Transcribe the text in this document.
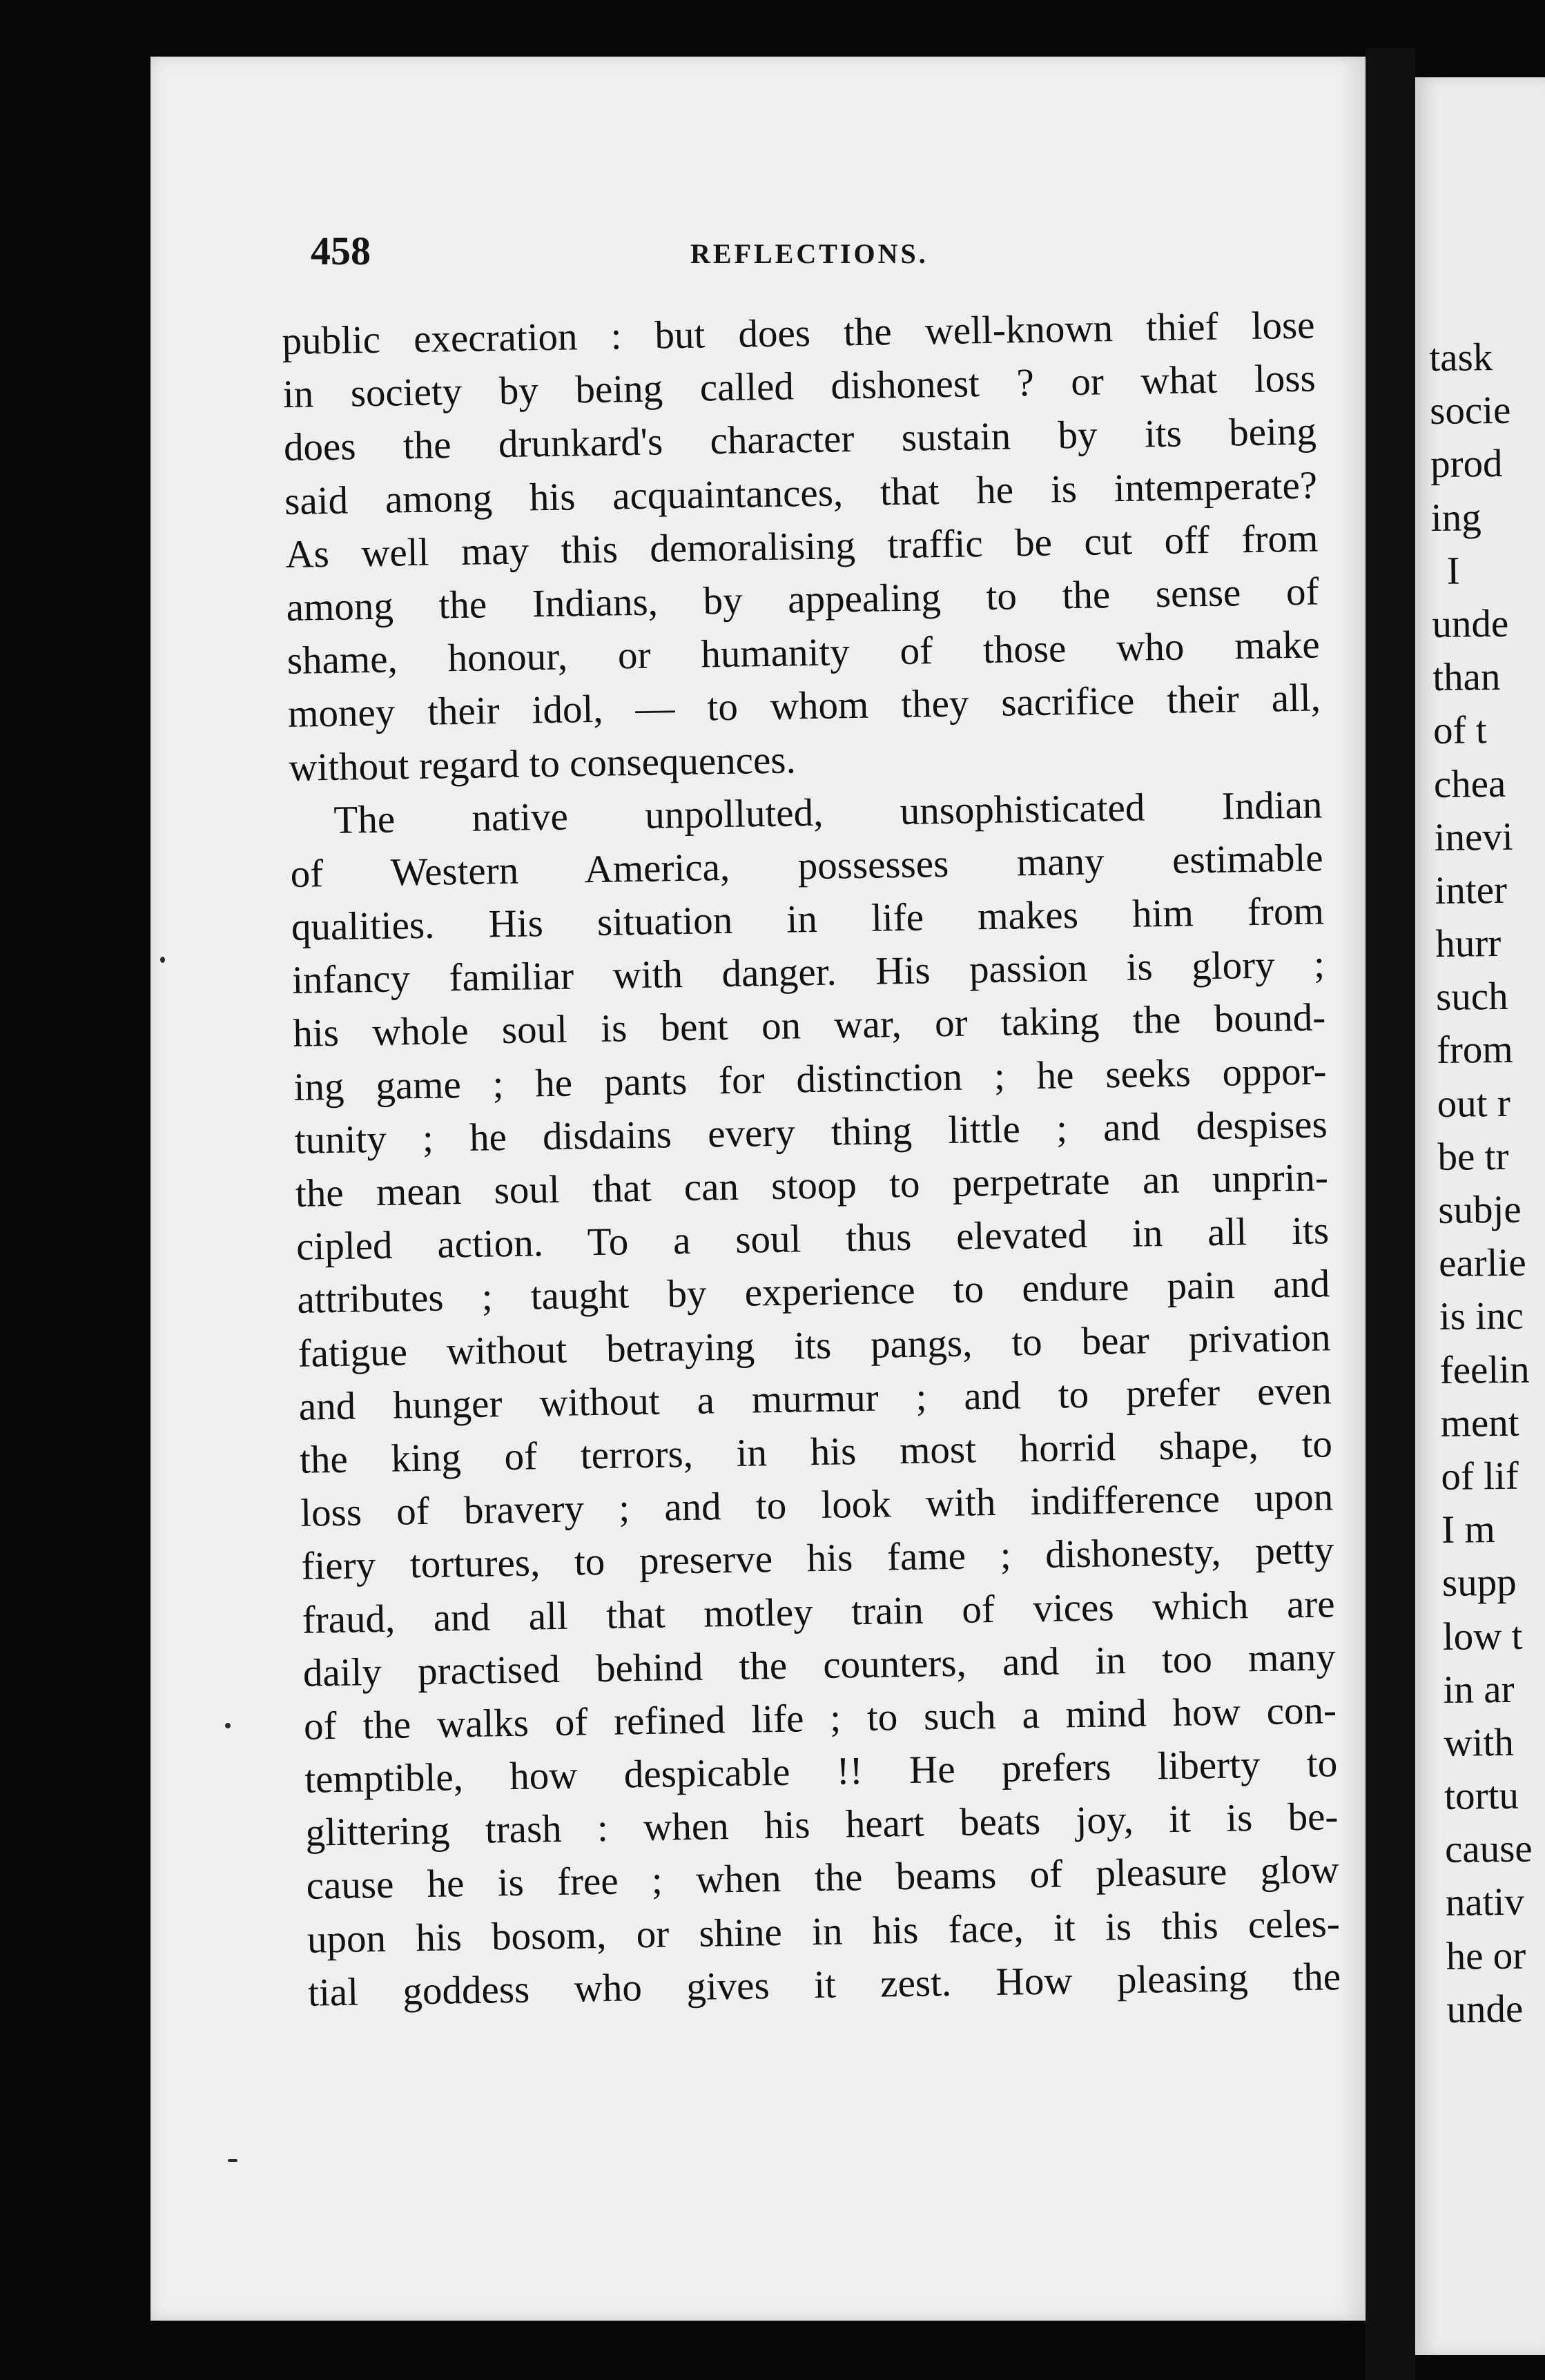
458	REFLECTIONS.
public execration : but does the well-known thief lose
in society by being called dishonest ? or what loss
does the drunkard's character sustain by its being
said among his acquaintances, that he is intemperate?
As well may this demoralising traffic be cut off from
among the Indians, by appealing to the sense of
shame, honour, or humanity of those who make
money their idol, — to whom they sacrifice their all,
without regard to consequences.
The native unpolluted, unsophisticated Indian
of Western America, possesses many estimable
qualities. His situation in life makes him from
infancy familiar with danger. His passion is glory ;
his whole soul is bent on war, or taking the bound-
ing game ; he pants for distinction ; he seeks oppor-
tunity ; he disdains every thing little ; and despises
the mean soul that can stoop to perpetrate an unprin-
cipled action. To a soul thus elevated in all its
attributes ; taught by experience to endure pain and
fatigue without betraying its pangs, to bear privation
and hunger without a murmur ; and to prefer even
the king of terrors, in his most horrid shape, to
loss of bravery ; and to look with indifference upon
fiery tortures, to preserve his fame ; dishonesty, petty
fraud, and all that motley train of vices which are
daily practised behind the counters, and in too many
of the walks of refined life ; to such a mind how con-
temptible, how despicable !! He prefers liberty to
glittering trash : when his heart beats joy, it is be-
cause he is free ; when the beams of pleasure glow
upon his bosom, or shine in his face, it is this celes-
tial goddess who gives it zest. How pleasing the
task
socie
prod
ing
I
unde
than
of t
chea
inevi
inter
hurr
such
from
out r
be tr
subje
earlie
is inc
feelin
ment
of lif
I m
supp
low t
in ar
with
tortu
cause
nativ
he or
unde
